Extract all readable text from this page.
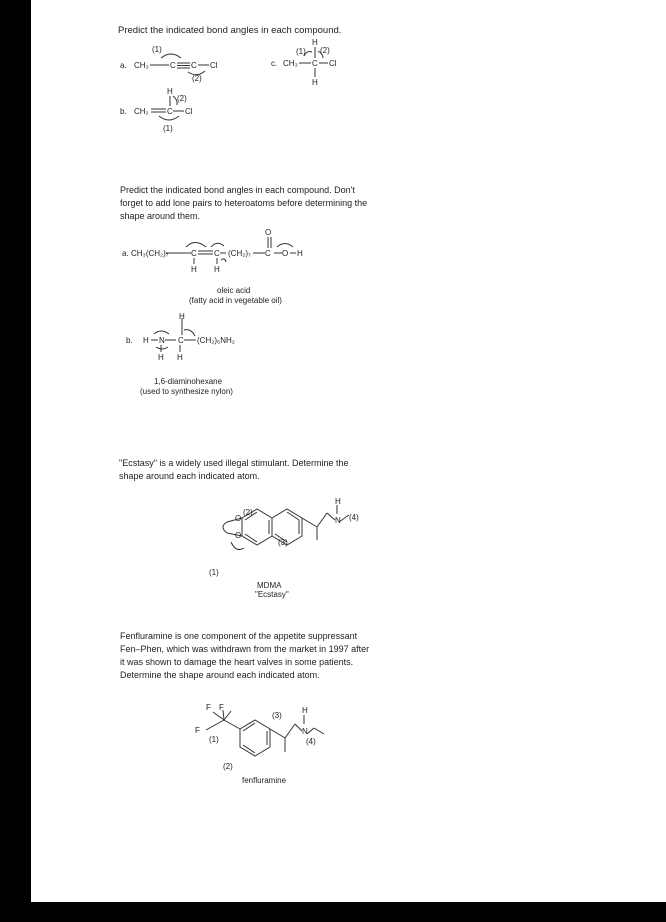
Predict the indicated bond angles in each compound.
a. CH₃	C C Cl
(1)
(2)
b. CH₂ C Cl
H
(2)
(1)
c. CH₃ C Cl
H
H
(1) (2)
Predict the indicated bond angles in each compound. Don't
forget to add lone pairs to heteroatoms before determining the
shape around them.
a. CH₃(CH₂)₇	C C (CH₂)₇ C
O
O H
H H
oleic acid
(fatty acid in vegetable oil)
b. H N C (CH₂)₅NH₂
H
H H
1,6-diaminohexane
(used to synthesize nylon)
"Ecstasy" is a widely used illegal stimulant. Determine the
shape around each indicated atom.
O
O
N
H
(1)
(2)
(3)
(4)
MDMA
"Ecstasy"
Fenfluramine is one component of the appetite suppressant
Fen–Phen, which was withdrawn from the market in 1997 after
it was shown to damage the heart valves in some patients.
Determine the shape around each indicated atom.
F F
F	N
H
(1)
(2)
(3)
(4)
fenfluramine
